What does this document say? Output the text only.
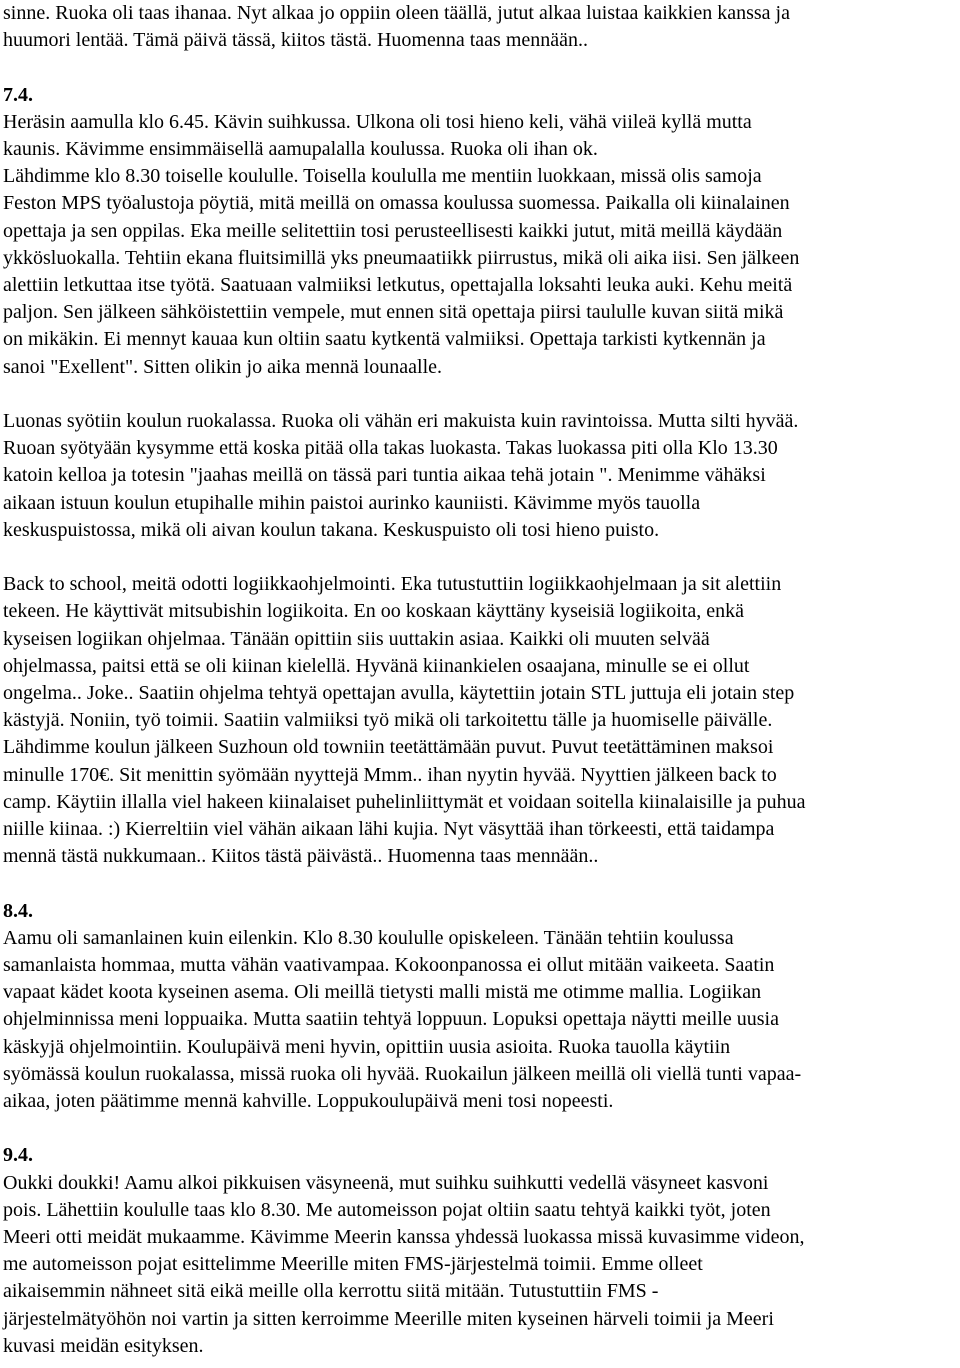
sinne. Ruoka oli taas ihanaa. Nyt alkaa jo oppiin oleen täällä, jutut alkaa luistaa kaikkien kanssa ja
huumori lentää. Tämä päivä tässä, kiitos tästä. Huomenna taas mennään..

7.4.

Heräsin aamulla klo 6.45. Kävin suihkussa. Ulkona oli tosi hieno keli, vähä viileä kyllä mutta
kaunis. Kävimme ensimmäisellä aamupalalla koulussa. Ruoka oli ihan ok.
Lähdimme klo 8.30 toiselle koululle. Toisella koululla me mentiin luokkaan, missä olis samoja
Feston MPS työalustoja pöytiä, mitä meillä on omassa koulussa suomessa. Paikalla oli kiinalainen
opettaja ja sen oppilas. Eka meille selitettiin tosi perusteellisesti kaikki jutut, mitä meillä käydään
ykkösluokalla. Tehtiin ekana fluitsimillä yks pneumaatiikk piirrustus, mikä oli aika iisi. Sen jälkeen
alettiin letkuttaa itse työtä. Saatuaan valmiiksi letkutus, opettajalla loksahti leuka auki. Kehu meitä
paljon. Sen jälkeen sähköistettiin vempele, mut ennen sitä opettaja piirsi taululle kuvan siitä mikä
on mikäkin. Ei mennyt kauaa kun oltiin saatu kytkentä valmiiksi. Opettaja tarkisti kytkennän ja
sanoi "Exellent". Sitten olikin jo aika mennä lounaalle.

Luonas syötiin koulun ruokalassa. Ruoka oli vähän eri makuista kuin ravintoissa. Mutta silti hyvää.
Ruoan syötyään kysymme että koska pitää olla takas luokasta. Takas luokassa piti olla Klo 13.30
katoin kelloa ja totesin "jaahas meillä on tässä pari tuntia aikaa tehä jotain ". Menimme vähäksi
aikaan istuun koulun etupihalle mihin paistoi aurinko kauniisti. Kävimme myös tauolla
keskuspuistossa, mikä oli aivan koulun takana. Keskuspuisto oli tosi hieno puisto.

Back to school, meitä odotti logiikkaohjelmointi. Eka tutustuttiin logiikkaohjelmaan ja sit alettiin
tekeen. He käyttivät mitsubishin logiikoita. En oo koskaan käyttäny kyseisiä logiikoita, enkä
kyseisen logiikan ohjelmaa. Tänään opittiin siis uuttakin asiaa. Kaikki oli muuten selvää
ohjelmassa, paitsi että se oli kiinan kielellä. Hyvänä kiinankielen osaajana, minulle se ei ollut
ongelma.. Joke.. Saatiin ohjelma tehtyä opettajan avulla, käytettiin jotain STL juttuja eli jotain step
kästyjä. Noniin, työ toimii. Saatiin valmiiksi työ mikä oli tarkoitettu tälle ja huomiselle päivälle.
Lähdimme koulun jälkeen Suzhoun old towniin teetättämään puvut. Puvut teetättäminen maksoi
minulle 170€. Sit menittin syömään nyyttejä Mmm.. ihan nyytin hyvää. Nyyttien jälkeen back to
camp. Käytiin illalla viel hakeen kiinalaiset puhelinliittymät et voidaan soitella kiinalaisille ja puhua
niille kiinaa. :) Kierreltiin viel vähän aikaan lähi kujia. Nyt väsyttää ihan törkeesti, että taidampa
mennä tästä nukkumaan.. Kiitos tästä päivästä.. Huomenna taas mennään..

8.4.

Aamu oli samanlainen kuin eilenkin. Klo 8.30 koululle opiskeleen. Tänään tehtiin koulussa
samanlaista hommaa, mutta vähän vaativampaa. Kokoonpanossa ei ollut mitään vaikeeta. Saatin
vapaat kädet koota kyseinen asema. Oli meillä tietysti malli mistä me otimme mallia. Logiikan
ohjelminnissa meni loppuaika. Mutta saatiin tehtyä loppuun. Lopuksi opettaja näytti meille uusia
käskyjä ohjelmointiin. Koulupäivä meni hyvin, opittiin uusia asioita. Ruoka tauolla käytiin
syömässä koulun ruokalassa, missä ruoka oli hyvää. Ruokailun jälkeen meillä oli viellä tunti vapaa-
aikaa, joten päätimme mennä kahville. Loppukoulupäivä meni tosi nopeesti.

9.4.

Oukki doukki! Aamu alkoi pikkuisen väsyneenä, mut suihku suihkutti vedellä väsyneet kasvoni
pois. Lähettiin koululle taas klo 8.30. Me automeisson pojat oltiin saatu tehtyä kaikki työt, joten
Meeri otti meidät mukaamme. Kävimme Meerin kanssa yhdessä luokassa missä kuvasimme videon,
me automeisson pojat esittelimme Meerille miten FMS-järjestelmä toimii. Emme olleet
aikaisemmin nähneet sitä eikä meille olla kerrottu siitä mitään. Tutustuttiin FMS -
järjestelmätyöhön noi vartin ja sitten kerroimme Meerille miten kyseinen härveli toimii ja Meeri
kuvasi meidän esityksen.
